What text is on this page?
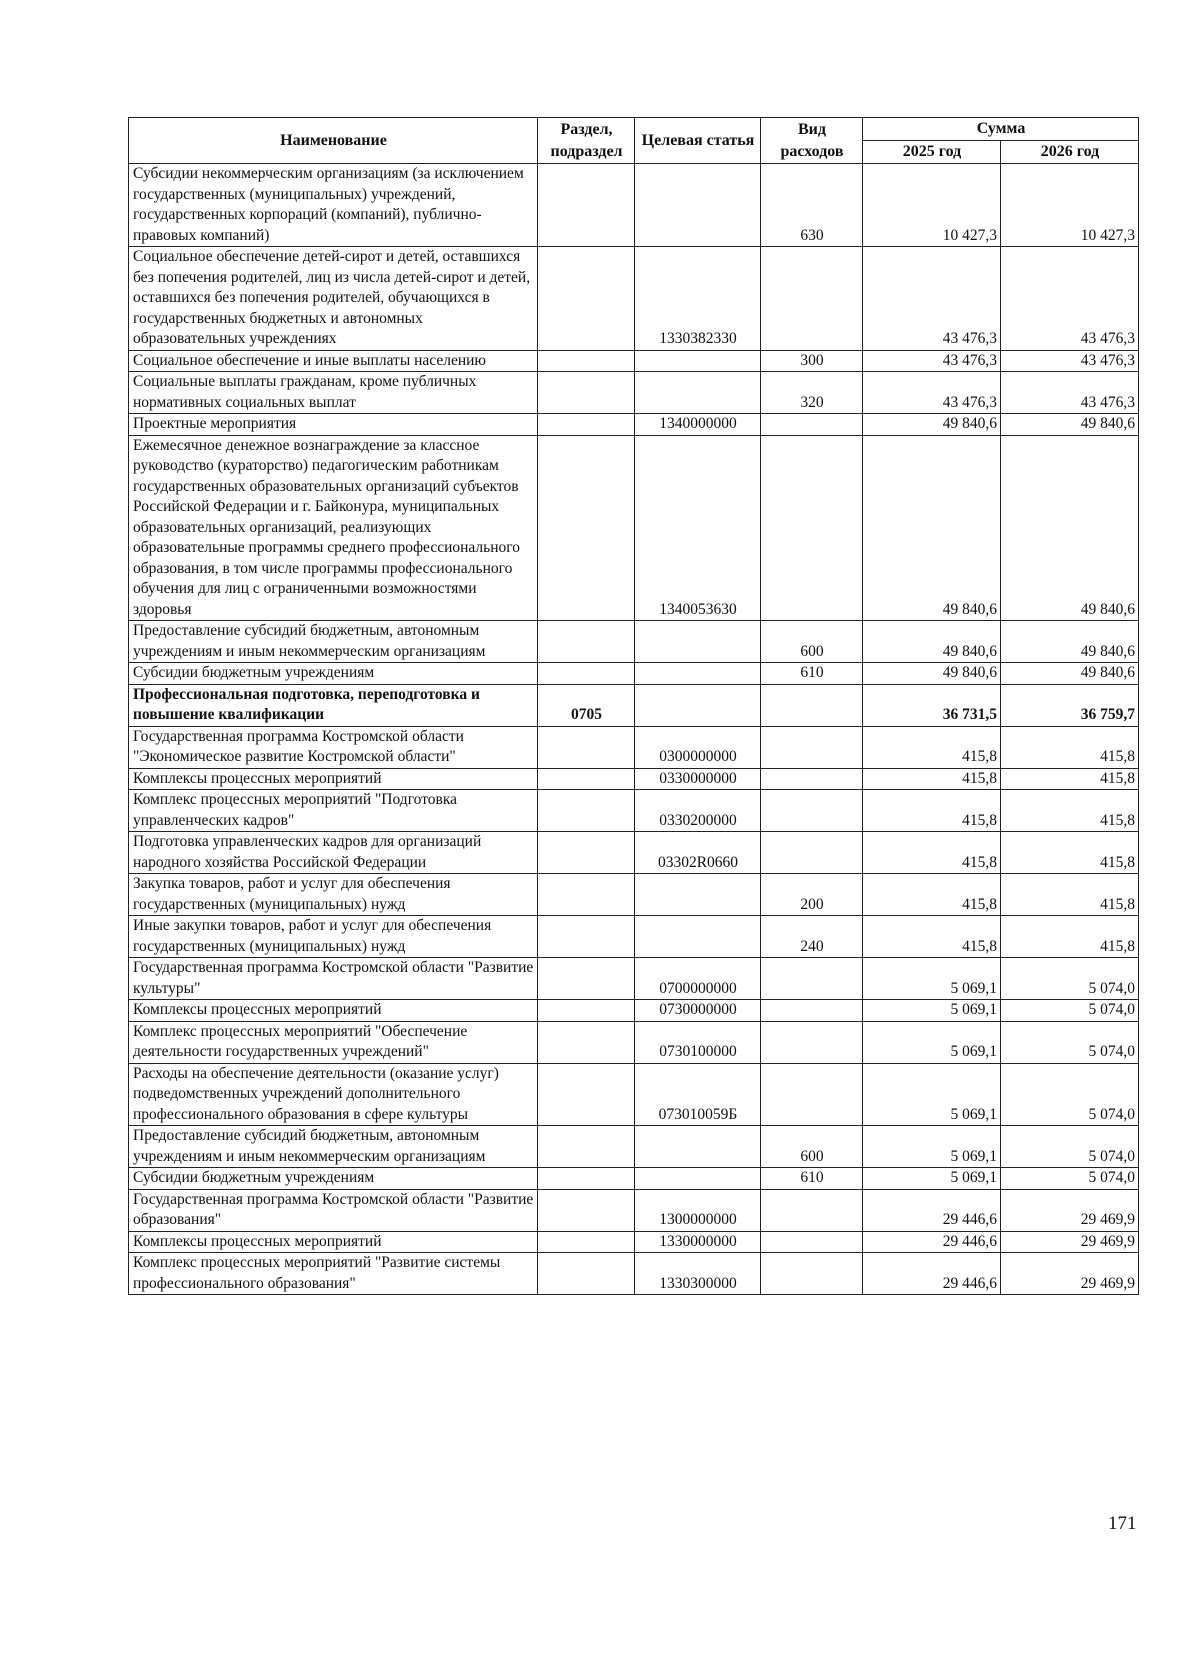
Наименование	Раздел, подраздел	Целевая статья	Вид расходов	Сумма	
				2025 год	2026 год
Субсидии некоммерческим организациям (за исключением государственных (муниципальных) учреждений, государственных корпораций (компаний), публично-правовых компаний)			630	10 427,3	10 427,3
Социальное обеспечение детей-сирот и детей, оставшихся без попечения родителей, лиц из числа детей-сирот и детей, оставшихся без попечения родителей, обучающихся в государственных бюджетных и автономных образовательных учреждениях		1330382330		43 476,3	43 476,3
Социальное обеспечение и иные выплаты населению			300	43 476,3	43 476,3
Социальные выплаты гражданам, кроме публичных нормативных социальных выплат			320	43 476,3	43 476,3
Проектные мероприятия		1340000000		49 840,6	49 840,6
Ежемесячное денежное вознаграждение за классное руководство (кураторство) педагогическим работникам государственных образовательных организаций субъектов Российской Федерации и г. Байконура, муниципальных образовательных организаций, реализующих образовательные программы среднего профессионального образования, в том числе программы профессионального обучения для лиц с ограниченными возможностями здоровья		1340053630		49 840,6	49 840,6
Предоставление субсидий бюджетным, автономным учреждениям и иным некоммерческим организациям			600	49 840,6	49 840,6
Субсидии бюджетным учреждениям			610	49 840,6	49 840,6
Профессиональная подготовка, переподготовка и повышение квалификации	0705			36 731,5	36 759,7
Государственная программа Костромской области "Экономическое развитие Костромской области"		0300000000		415,8	415,8
Комплексы процессных мероприятий		0330000000		415,8	415,8
Комплекс процессных мероприятий "Подготовка управленческих кадров"		0330200000		415,8	415,8
Подготовка управленческих кадров для организаций народного хозяйства Российской Федерации		03302R0660		415,8	415,8
Закупка товаров, работ и услуг для обеспечения государственных (муниципальных) нужд			200	415,8	415,8
Иные закупки товаров, работ и услуг для обеспечения государственных (муниципальных) нужд			240	415,8	415,8
Государственная программа Костромской области "Развитие культуры"		0700000000		5 069,1	5 074,0
Комплексы процессных мероприятий		0730000000		5 069,1	5 074,0
Комплекс процессных мероприятий "Обеспечение деятельности государственных учреждений"		0730100000		5 069,1	5 074,0
Расходы на обеспечение деятельности (оказание услуг) подведомственных учреждений дополнительного профессионального образования в сфере культуры		073010059Б		5 069,1	5 074,0
Предоставление субсидий бюджетным, автономным учреждениям и иным некоммерческим организациям			600	5 069,1	5 074,0
Субсидии бюджетным учреждениям			610	5 069,1	5 074,0
Государственная программа Костромской области "Развитие образования"		1300000000		29 446,6	29 469,9
Комплексы процессных мероприятий		1330000000		29 446,6	29 469,9
Комплекс процессных мероприятий "Развитие системы профессионального образования"		1330300000		29 446,6	29 469,9
171
